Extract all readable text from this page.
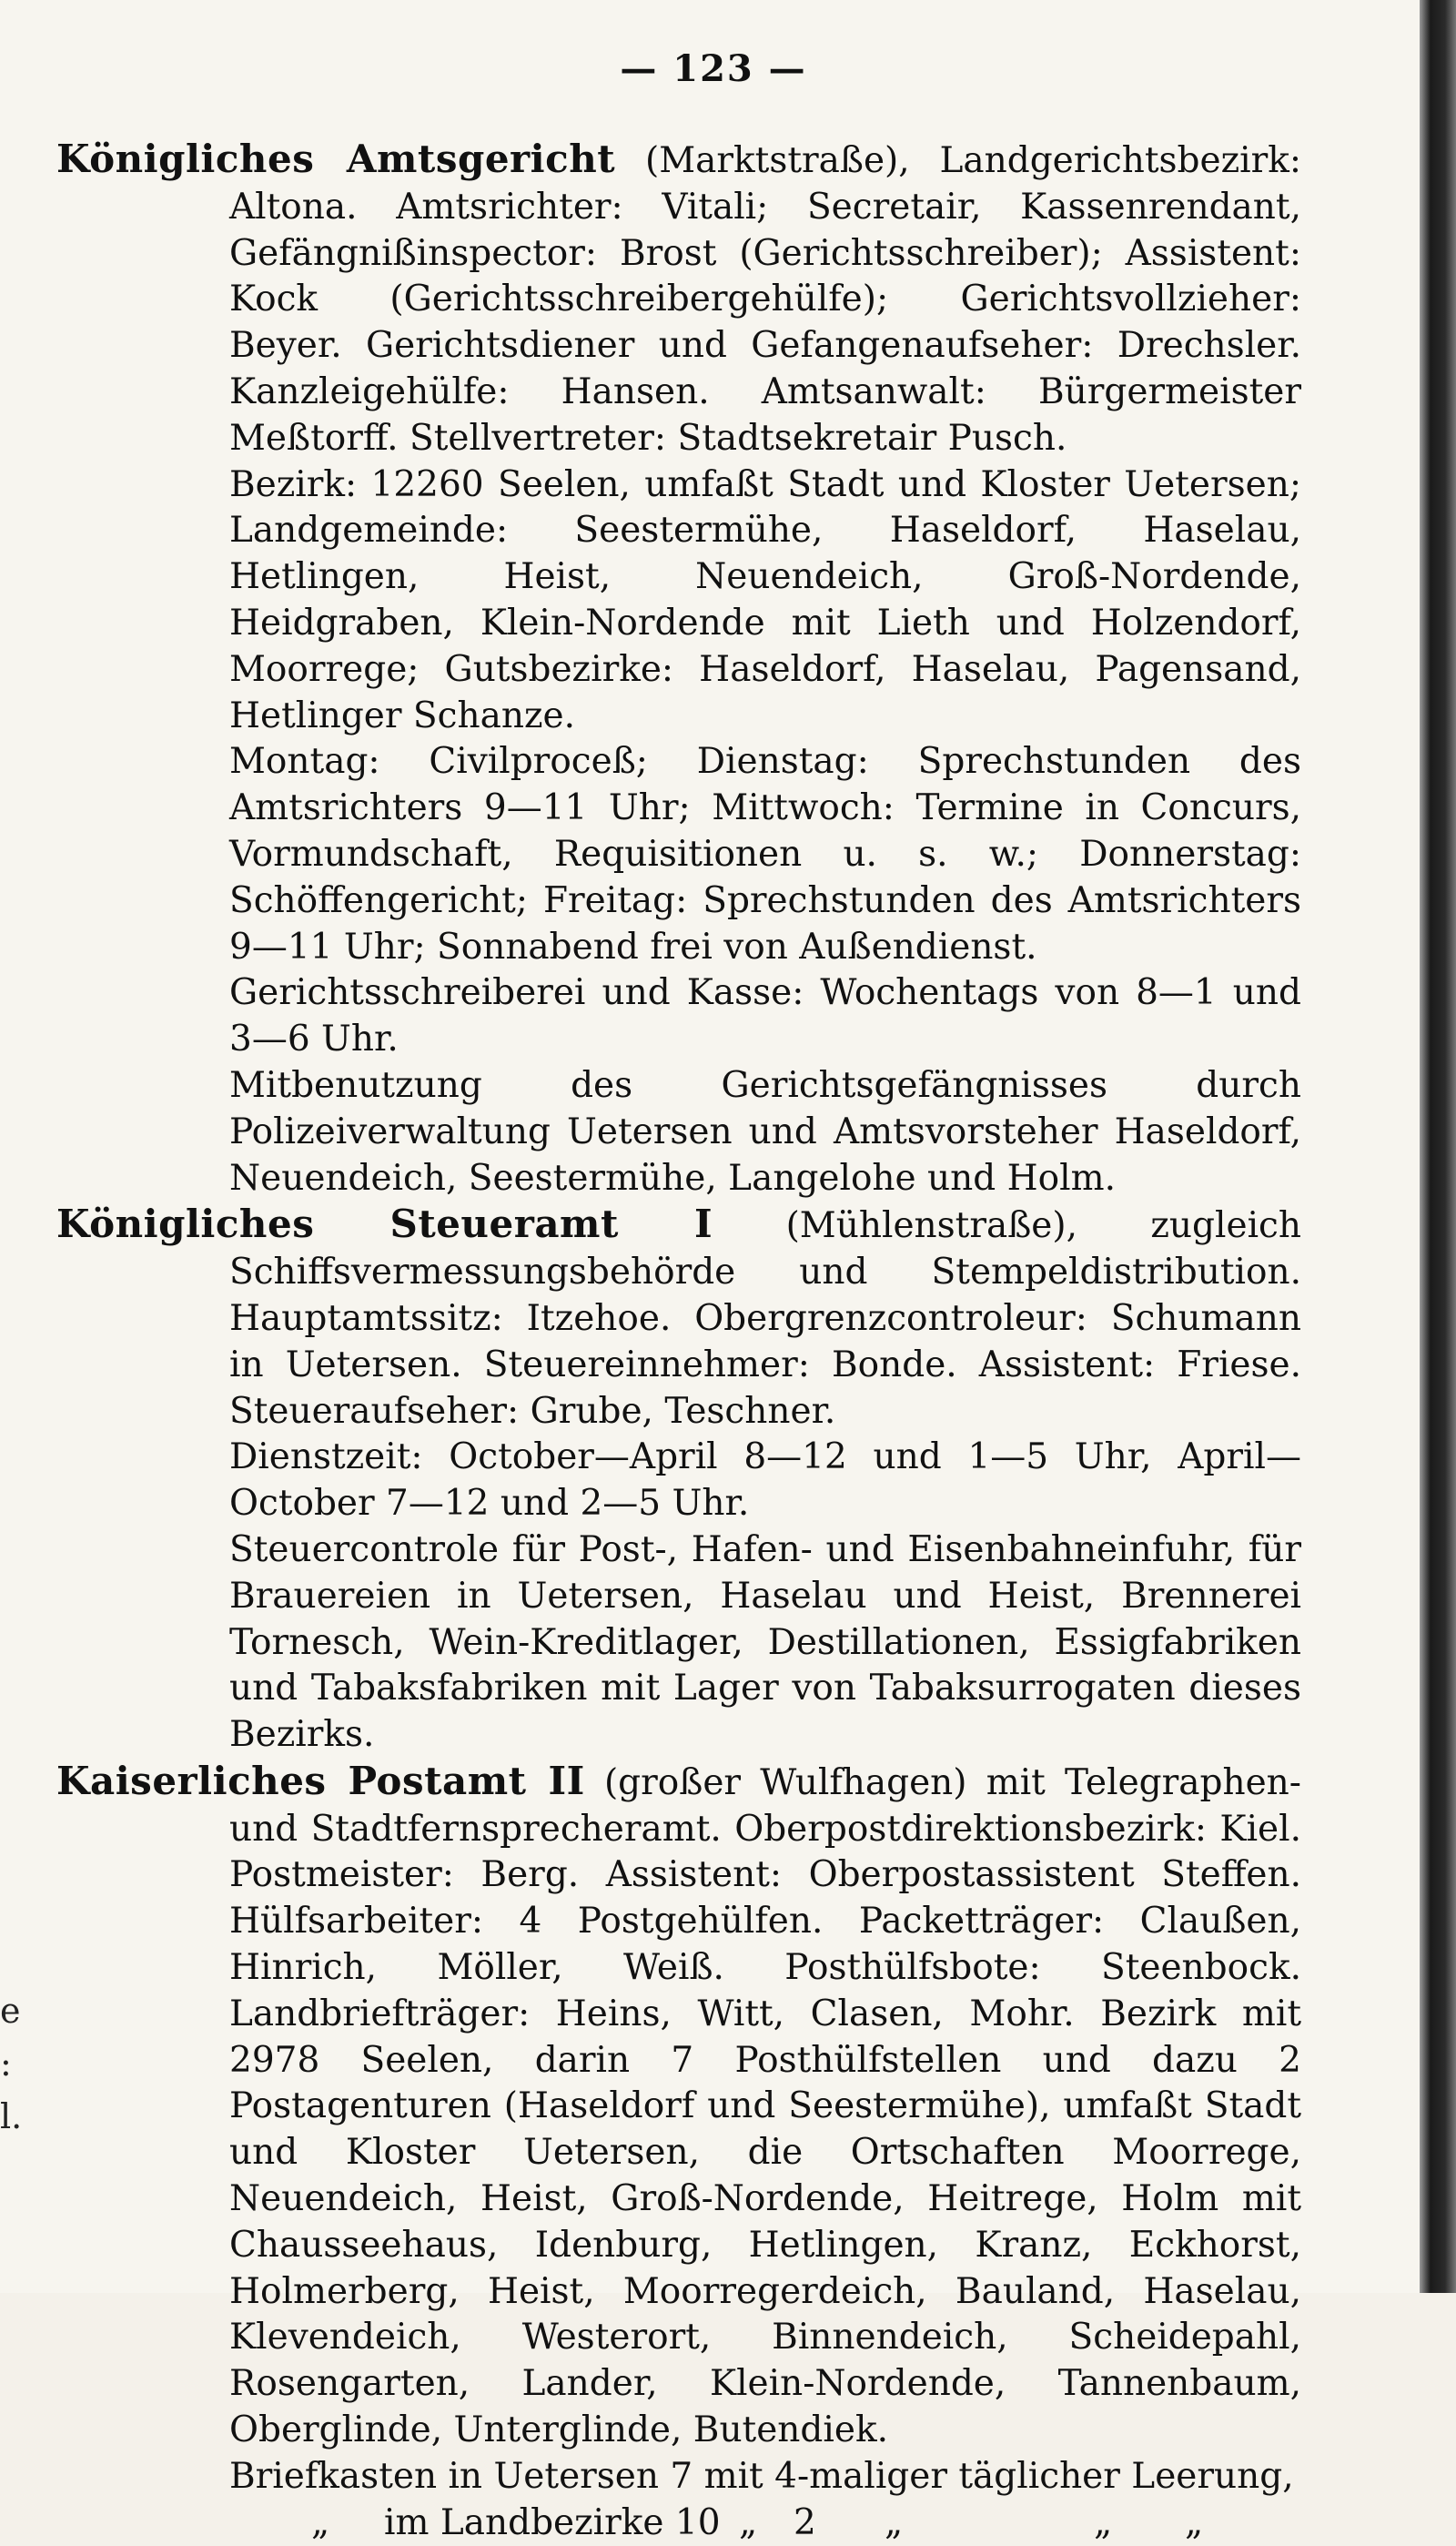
— 123 —
e
:
l.
Königliches Amtsgericht (Marktstraße), Landgerichtsbezirk: Altona. Amtsrichter: Vitali; Secretair, Kassenrendant, Gefängnißinspector: Brost (Gerichtsschreiber); Assistent: Kock (Gerichtsschreibergehülfe); Gerichtsvollzieher: Beyer. Gerichtsdiener und Gefangenaufseher: Drechsler. Kanzleigehülfe: Hansen. Amtsanwalt: Bürgermeister Meßtorff. Stellvertreter: Stadtsekretair Pusch.
Bezirk: 12260 Seelen, umfaßt Stadt und Kloster Uetersen; Landgemeinde: Seestermühe, Haseldorf, Haselau, Hetlingen, Heist, Neuendeich, Groß-Nordende, Heidgraben, Klein-Nordende mit Lieth und Holzendorf, Moorrege; Gutsbezirke: Haseldorf, Haselau, Pagensand, Hetlinger Schanze.
Montag: Civilproceß; Dienstag: Sprechstunden des Amtsrichters 9—11 Uhr; Mittwoch: Termine in Concurs, Vormundschaft, Requisitionen u. s. w.; Donnerstag: Schöffengericht; Freitag: Sprechstunden des Amtsrichters 9—11 Uhr; Sonnabend frei von Außendienst.
Gerichtsschreiberei und Kasse: Wochentags von 8—1 und 3—6 Uhr.
Mitbenutzung des Gerichtsgefängnisses durch Polizeiverwaltung Uetersen und Amtsvorsteher Haseldorf, Neuendeich, Seestermühe, Langelohe und Holm.
Königliches Steueramt I (Mühlenstraße), zugleich Schiffsvermessungsbehörde und Stempeldistribution. Hauptamtssitz: Itzehoe. Obergrenzcontroleur: Schumann in Uetersen. Steuereinnehmer: Bonde. Assistent: Friese. Steueraufseher: Grube, Teschner.
Dienstzeit: October—April 8—12 und 1—5 Uhr, April—October 7—12 und 2—5 Uhr.
Steuercontrole für Post-, Hafen- und Eisenbahneinfuhr, für Brauereien in Uetersen, Haselau und Heist, Brennerei Tornesch, Wein-Kreditlager, Destillationen, Essigfabriken und Tabaksfabriken mit Lager von Tabaksurrogaten dieses Bezirks.
Kaiserliches Postamt II (großer Wulfhagen) mit Telegraphen- und Stadtfernsprecheramt. Oberpostdirektionsbezirk: Kiel. Postmeister: Berg. Assistent: Oberpostassistent Steffen. Hülfsarbeiter: 4 Postgehülfen. Packetträger: Claußen, Hinrich, Möller, Weiß. Posthülfsbote: Steenbock. Landbriefträger: Heins, Witt, Clasen, Mohr. Bezirk mit 2978 Seelen, darin 7 Posthülfstellen und dazu 2 Postagenturen (Haseldorf und Seestermühe), umfaßt Stadt und Kloster Uetersen, die Ortschaften Moorrege, Neuendeich, Heist, Groß-Nordende, Heitrege, Holm mit Chausseehaus, Idenburg, Hetlingen, Kranz, Eckhorst, Holmerberg, Heist, Moorregerdeich, Bauland, Haselau, Klevendeich, Westerort, Binnendeich, Scheidepahl, Rosengarten, Lander, Klein-Nordende, Tannenbaum, Oberglinde, Unterglinde, Butendiek.
Briefkasten in Uetersen 7 mit 4-maliger täglicher Leerung,
„	im Landbezirke 10 „	2	„	„	„
